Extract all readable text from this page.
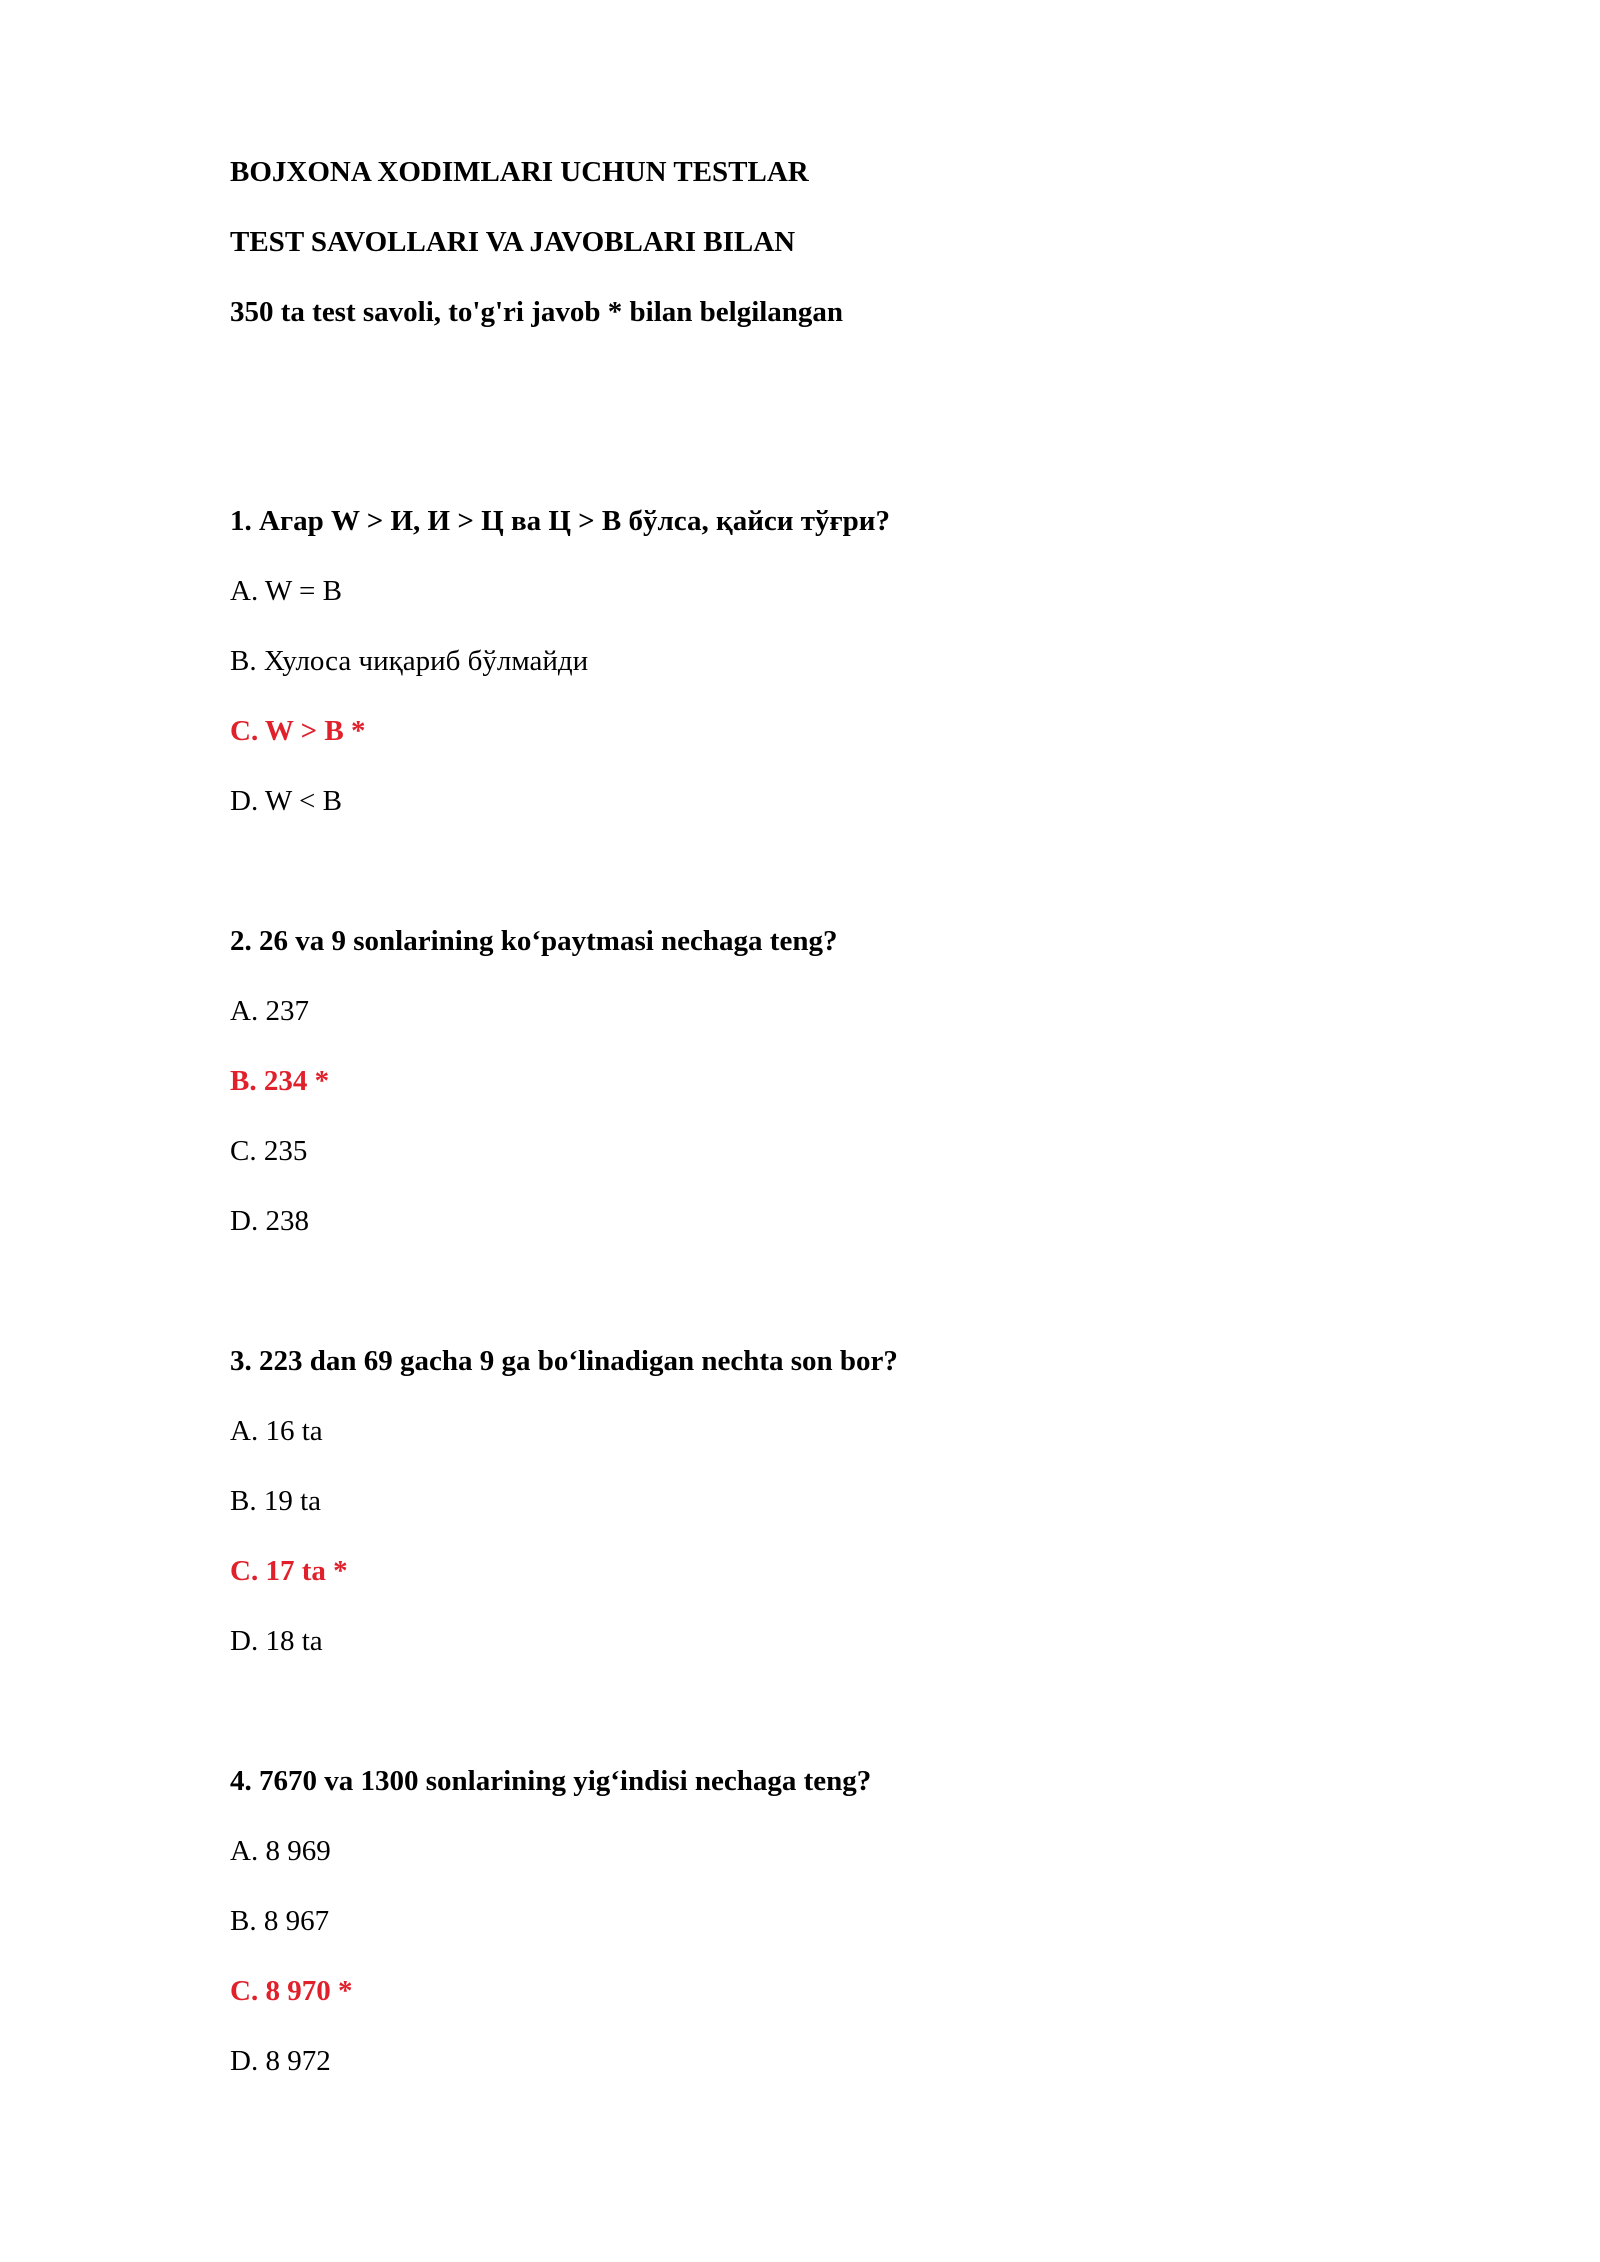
BOJXONA XODIMLARI UCHUN TESTLAR
TEST SAVOLLARI VA JAVOBLARI BILAN
350 ta test savoli, to'g'ri javob * bilan belgilangan
1. Агар W > И, И > Ц ва Ц > В бўлса, қайси тўғри?
A. W = B
B. Хулоса чиқариб бўлмайди
C. W > B *
D. W < B
2. 26 va 9 sonlarining koʻpaytmasi nechaga teng?
A. 237
B. 234 *
C. 235
D. 238
3. 223 dan 69 gacha 9 ga boʻlinadigan nechta son bor?
A. 16 ta
B. 19 ta
C. 17 ta *
D. 18 ta
4. 7670 va 1300 sonlarining yigʻindisi nechaga teng?
A. 8 969
B. 8 967
C. 8 970 *
D. 8 972
